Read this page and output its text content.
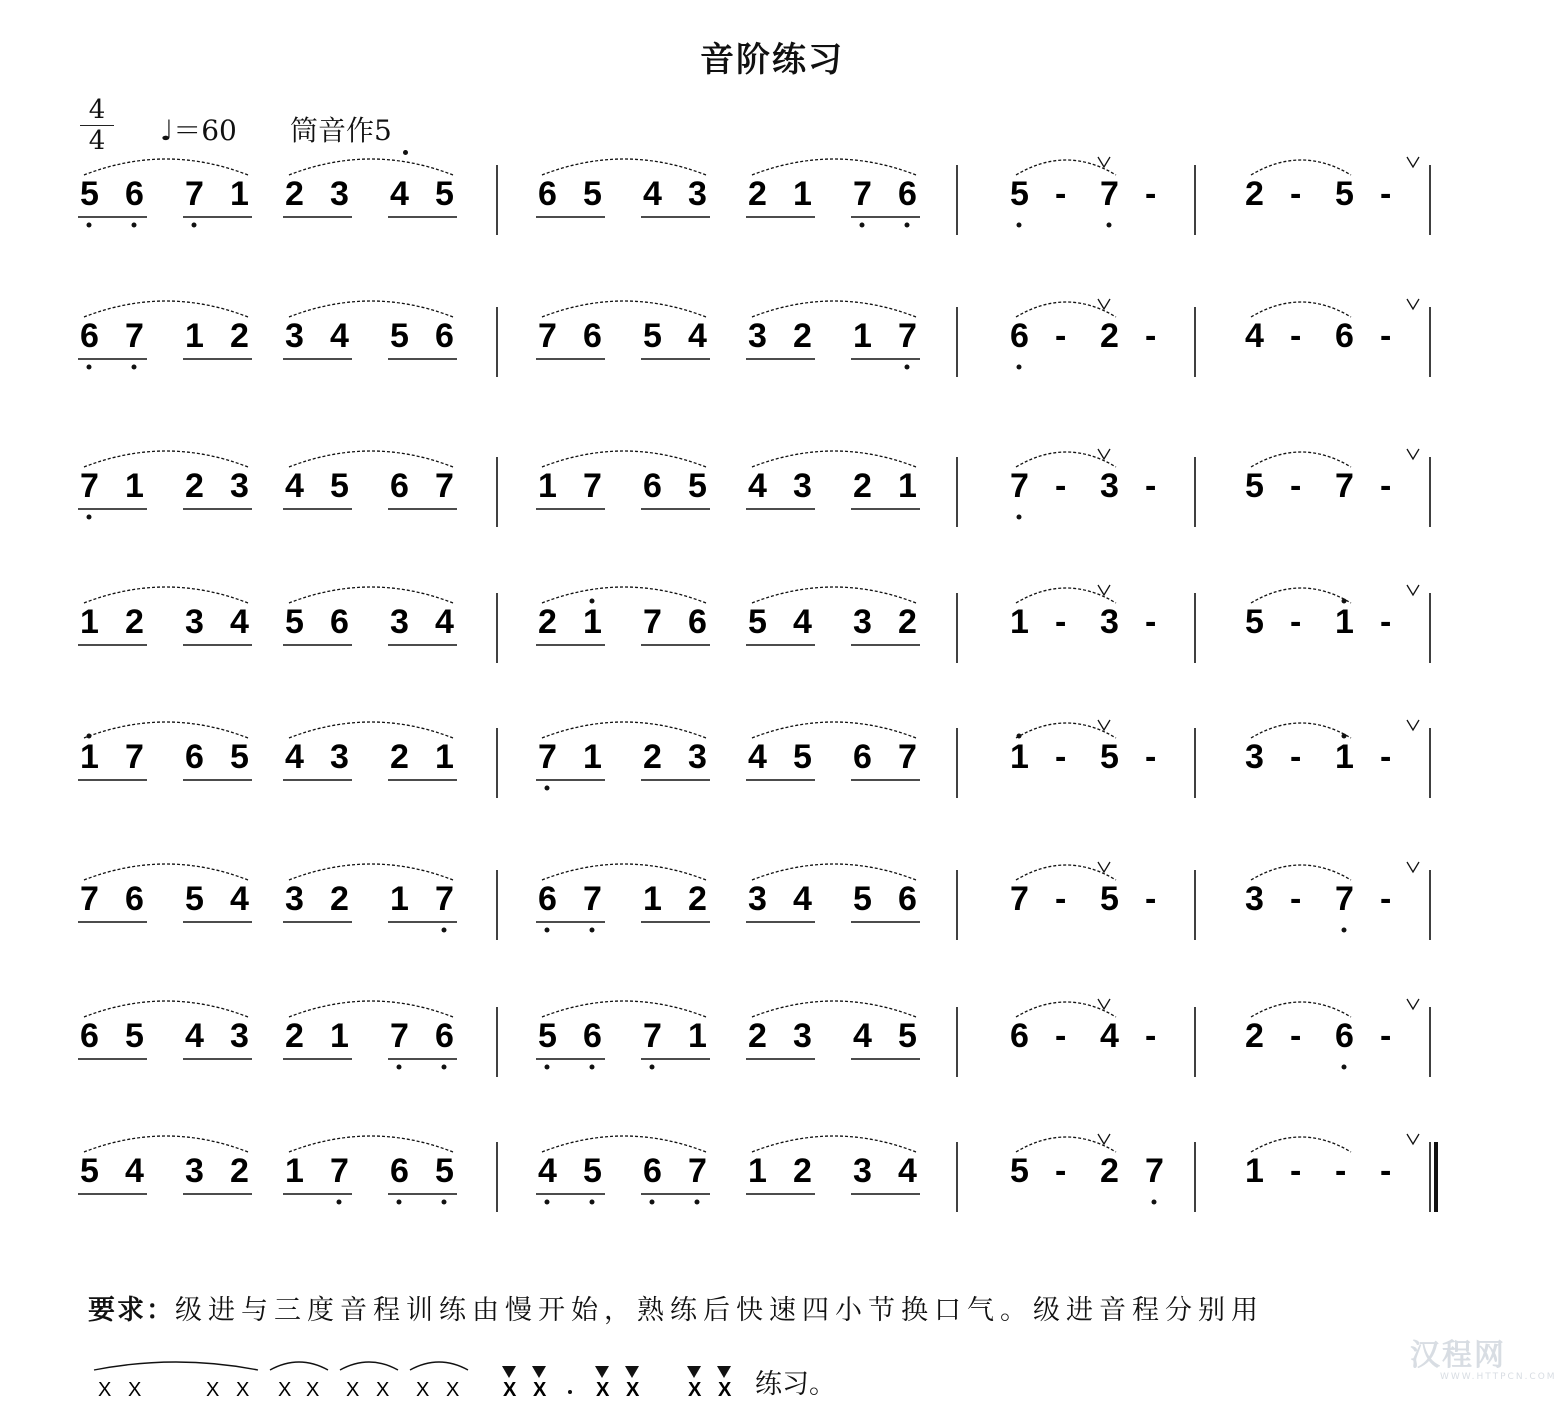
音阶练习
$\frac{4}{4}$ ♩＝60 筒音作5
5 6 7 1 2 3 4 5 6 5 4 3 2 1 7 6	5 - 7 -	2 - 5 -
6 7 1 2 3 4 5 6 7 6 5 4 3 2 1 7	6 - 2 -	4 - 6 -
7 1 2 3 4 5 6 7 1 7 6 5 4 3 2 1	7 - 3 -	5 - 7 -
1 2 3 4 5 6 3 4 2 1 7 6 5 4 3 2	1 - 3 -	5 - 1 -
1 7 6 5 4 3 2 1 7 1 2 3 4 5 6 7	1 - 5 -	3 - 1 -
7 6 5 4 3 2 1 7 6 7 1 2 3 4 5 6	7 - 5 -	3 - 7 -
6 5 4 3 2 1 7 6 5 6 7 1 2 3 4 5	6 - 4 -	2 - 6 -
5 4 3 2 1 7 6 5 4 5 6 7 1 2 3 4	5 - 2 7 1 - - -
要求：级进与三度音程训练由慢开始，熟练后快速四小节换口气。级进音程分别用
X X	X X X X X X X X X X X X X X 练习。
汉程网
WWW.HTTPCN.COM
